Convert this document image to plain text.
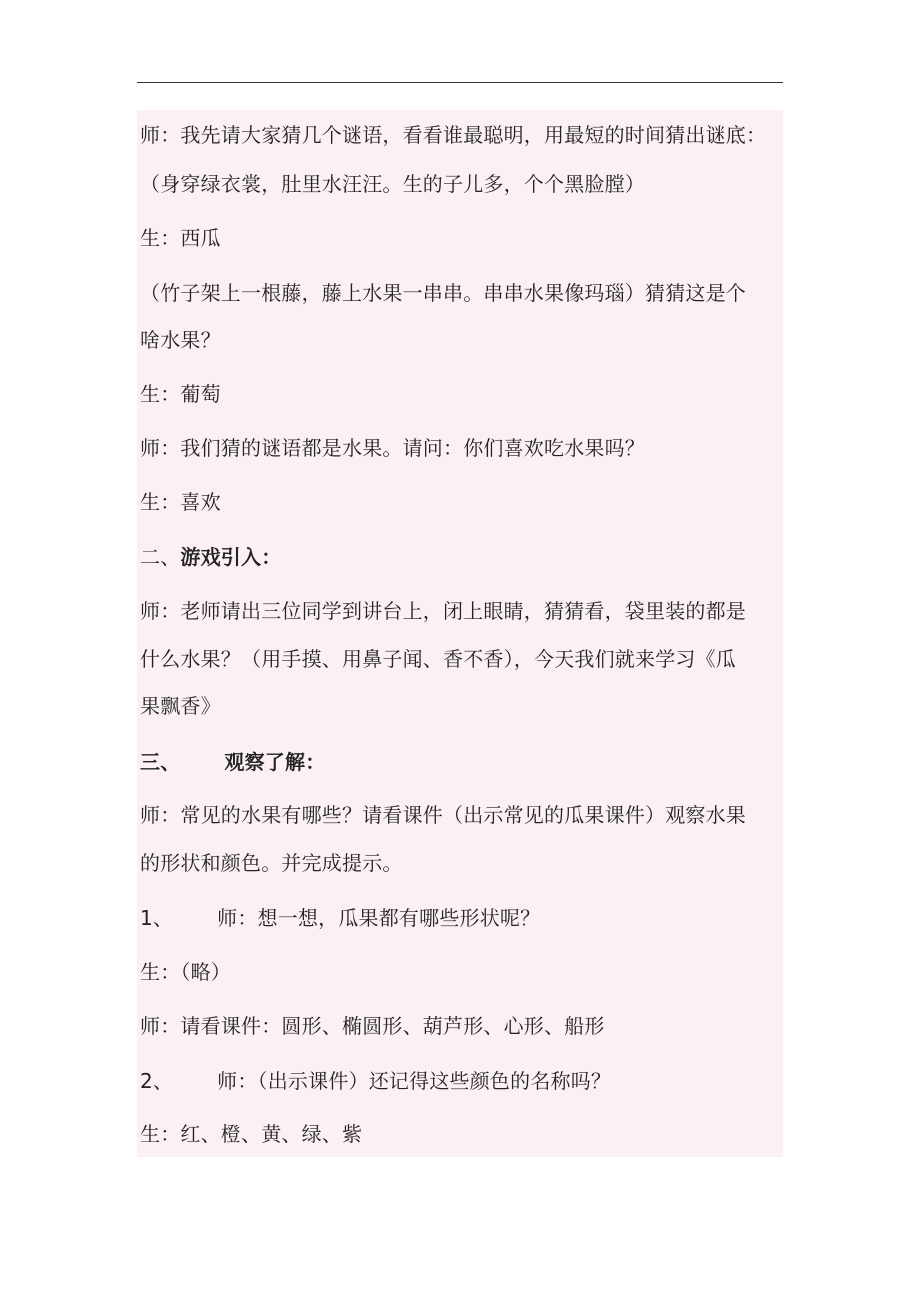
师：我先请大家猜几个谜语，看看谁最聪明，用最短的时间猜出谜底：
（身穿绿衣裳，肚里水汪汪。生的子儿多，个个黑脸膛）
生：西瓜
（竹子架上一根藤，藤上水果一串串。串串水果像玛瑙）猜猜这是个
啥水果？
生：葡萄
师：我们猜的谜语都是水果。请问：你们喜欢吃水果吗？
生：喜欢
二、游戏引入：
师：老师请出三位同学到讲台上，闭上眼睛，猜猜看，袋里装的都是
什么水果？（用手摸、用鼻子闻、香不香），今天我们就来学习《瓜
果飘香》
三、 观察了解：
师：常见的水果有哪些？请看课件（出示常见的瓜果课件）观察水果
的形状和颜色。并完成提示。
1、 师：想一想，瓜果都有哪些形状呢？
生：（略）
师：请看课件：圆形、椭圆形、葫芦形、心形、船形
2、 师：（出示课件）还记得这些颜色的名称吗？
生：红、橙、黄、绿、紫
